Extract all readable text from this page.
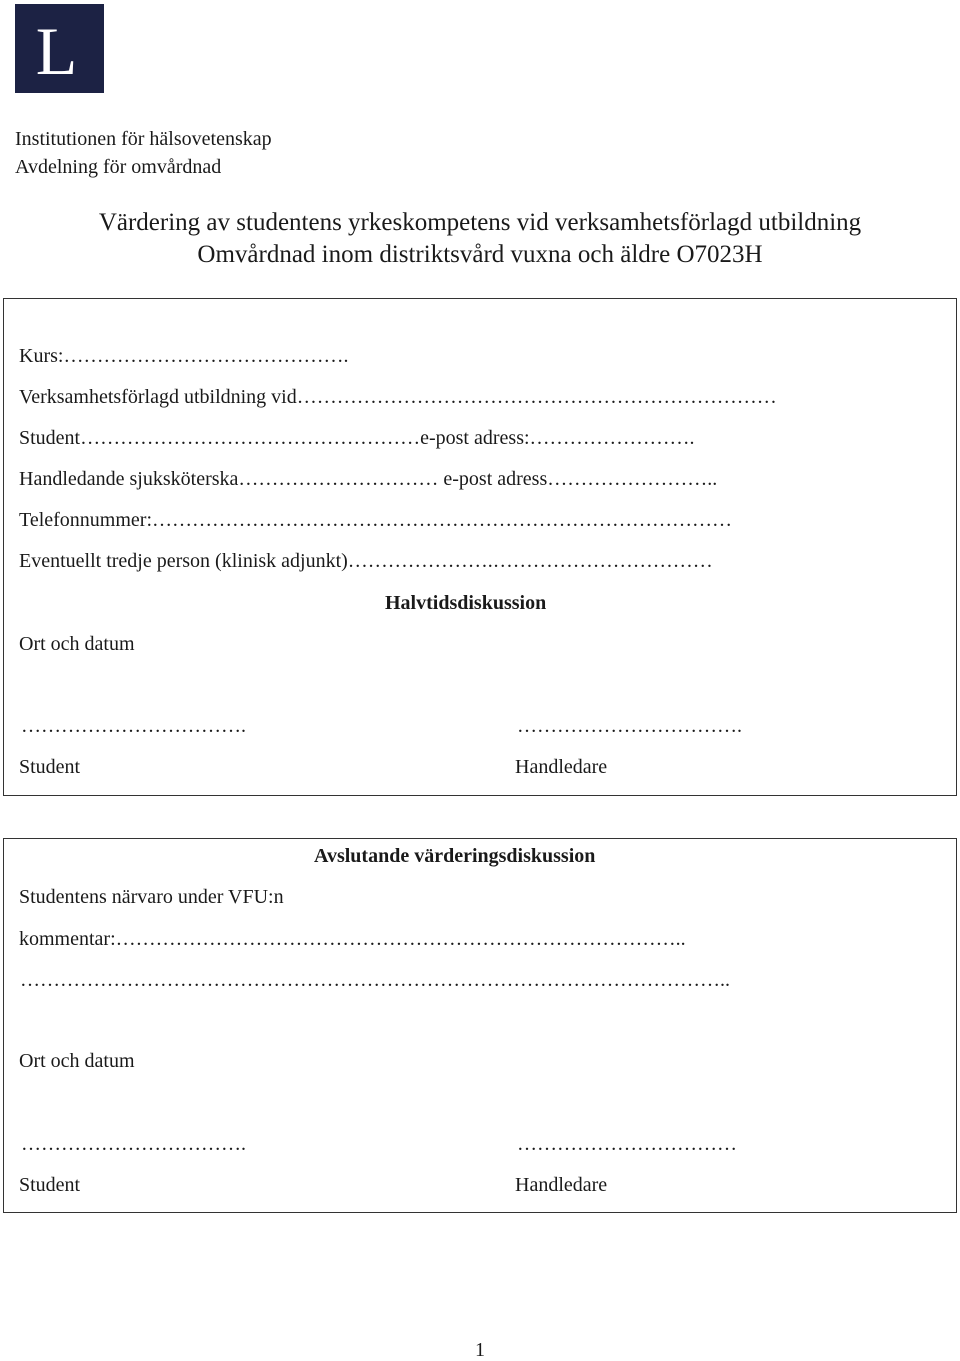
L
Institutionen för hälsovetenskap
Avdelning för omvårdnad
Värdering av studentens yrkeskompetens vid verksamhetsförlagd utbildning
Omvårdnad inom distriktsvård vuxna och äldre O7023H
Kurs:…………………………………….
Verksamhetsförlagd utbildning vid………………………………………………………………
Student……………………………………………e-post adress:…………………….
Handledande sjuksköterska………………………… e-post adress……………………..
Telefonnummer:……………………………………………………………………………
Eventuellt tredje person (klinisk adjunkt)………………….……………………………
Halvtidsdiskussion
Ort och datum
…………………………….	…………………………….
Student	Handledare
Avslutande värderingsdiskussion
Studentens närvaro under VFU:n
kommentar:…………………………………………………………………………..
……………………………………………………………………………………………..
Ort och datum
…………………………….	……………………………
Student	Handledare
1
